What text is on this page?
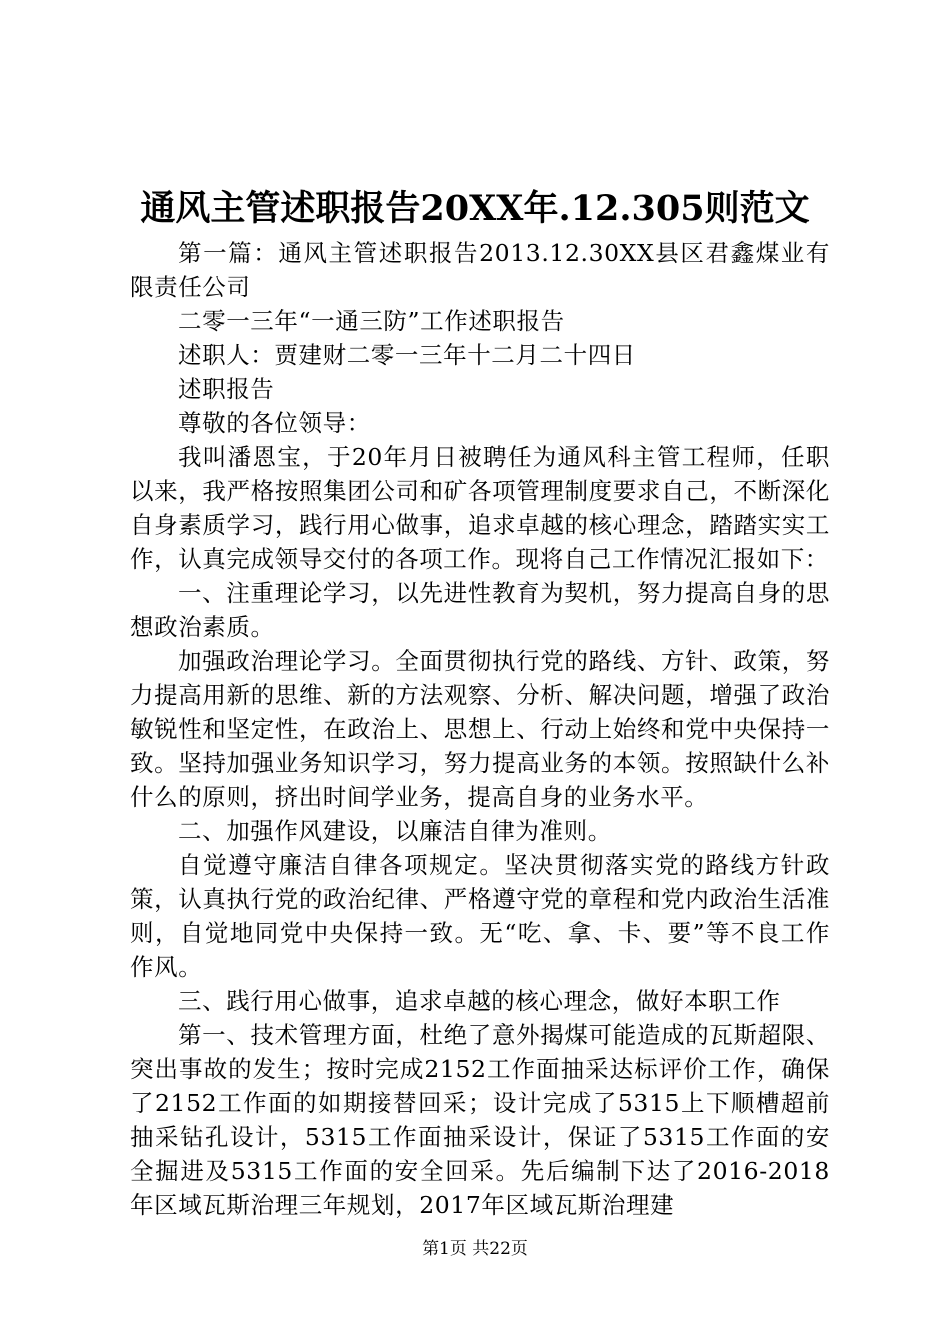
通风主管述职报告20XX年.12.305则范文

第一篇：通风主管述职报告2013.12.30XX县区君鑫煤业有限责任公司

二零一三年“一通三防”工作述职报告

述职人：贾建财二零一三年十二月二十四日

述职报告

尊敬的各位领导：

我叫潘恩宝，于20年月日被聘任为通风科主管工程师，任职以来，我严格按照集团公司和矿各项管理制度要求自己，不断深化自身素质学习，践行用心做事，追求卓越的核心理念，踏踏实实工作，认真完成领导交付的各项工作。现将自己工作情况汇报如下：

一、注重理论学习，以先进性教育为契机，努力提高自身的思想政治素质。

加强政治理论学习。全面贯彻执行党的路线、方针、政策，努力提高用新的思维、新的方法观察、分析、解决问题，增强了政治敏锐性和坚定性，在政治上、思想上、行动上始终和党中央保持一致。坚持加强业务知识学习，努力提高业务的本领。按照缺什么补什么的原则，挤出时间学业务，提高自身的业务水平。

二、加强作风建设，以廉洁自律为准则。

自觉遵守廉洁自律各项规定。坚决贯彻落实党的路线方针政策，认真执行党的政治纪律、严格遵守党的章程和党内政治生活准则，自觉地同党中央保持一致。无“吃、拿、卡、要”等不良工作作风。

三、践行用心做事，追求卓越的核心理念，做好本职工作

第一、技术管理方面，杜绝了意外揭煤可能造成的瓦斯超限、突出事故的发生；按时完成2152工作面抽采达标评价工作，确保了2152工作面的如期接替回采；设计完成了5315上下顺槽超前抽采钻孔设计，5315工作面抽采设计，保证了5315工作面的安全掘进及5315工作面的安全回采。先后编制下达了2016-2018年区域瓦斯治理三年规划，2017年区域瓦斯治理建

第1页 共22页
